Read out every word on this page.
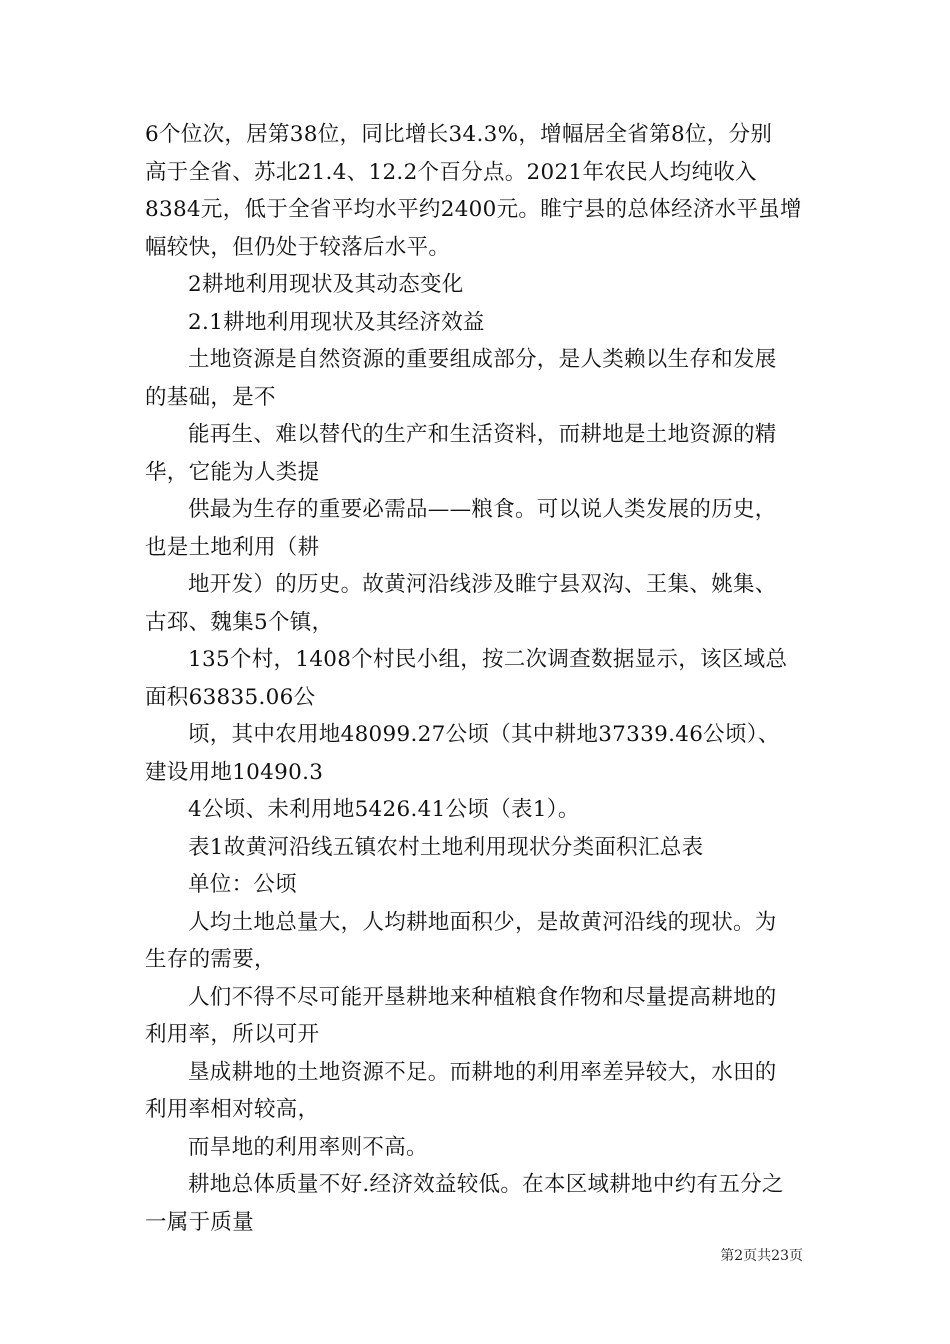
6个位次，居第38位，同比增长34.3%，增幅居全省第8位，分别

高于全省、苏北21.4、12.2个百分点。2021年农民人均纯收入

8384元，低于全省平均水平约2400元。睢宁县的总体经济水平虽增

幅较快，但仍处于较落后水平。

2耕地利用现状及其动态变化

2.1耕地利用现状及其经济效益

土地资源是自然资源的重要组成部分，是人类赖以生存和发展

的基础，是不

能再生、难以替代的生产和生活资料，而耕地是土地资源的精

华，它能为人类提

供最为生存的重要必需品——粮食。可以说人类发展的历史，

也是土地利用（耕

地开发）的历史。故黄河沿线涉及睢宁县双沟、王集、姚集、

古邳、魏集5个镇，

135个村，1408个村民小组，按二次调查数据显示，该区域总

面积63835.06公

顷，其中农用地48099.27公顷（其中耕地37339.46公顷）、

建设用地10490.3

4公顷、未利用地5426.41公顷（表1）。

表1故黄河沿线五镇农村土地利用现状分类面积汇总表

单位：公顷

人均土地总量大，人均耕地面积少，是故黄河沿线的现状。为

生存的需要，

人们不得不尽可能开垦耕地来种植粮食作物和尽量提高耕地的

利用率，所以可开

垦成耕地的土地资源不足。而耕地的利用率差异较大，水田的

利用率相对较高，

而旱地的利用率则不高。

耕地总体质量不好.经济效益较低。在本区域耕地中约有五分之

一属于质量

第2页共23页
